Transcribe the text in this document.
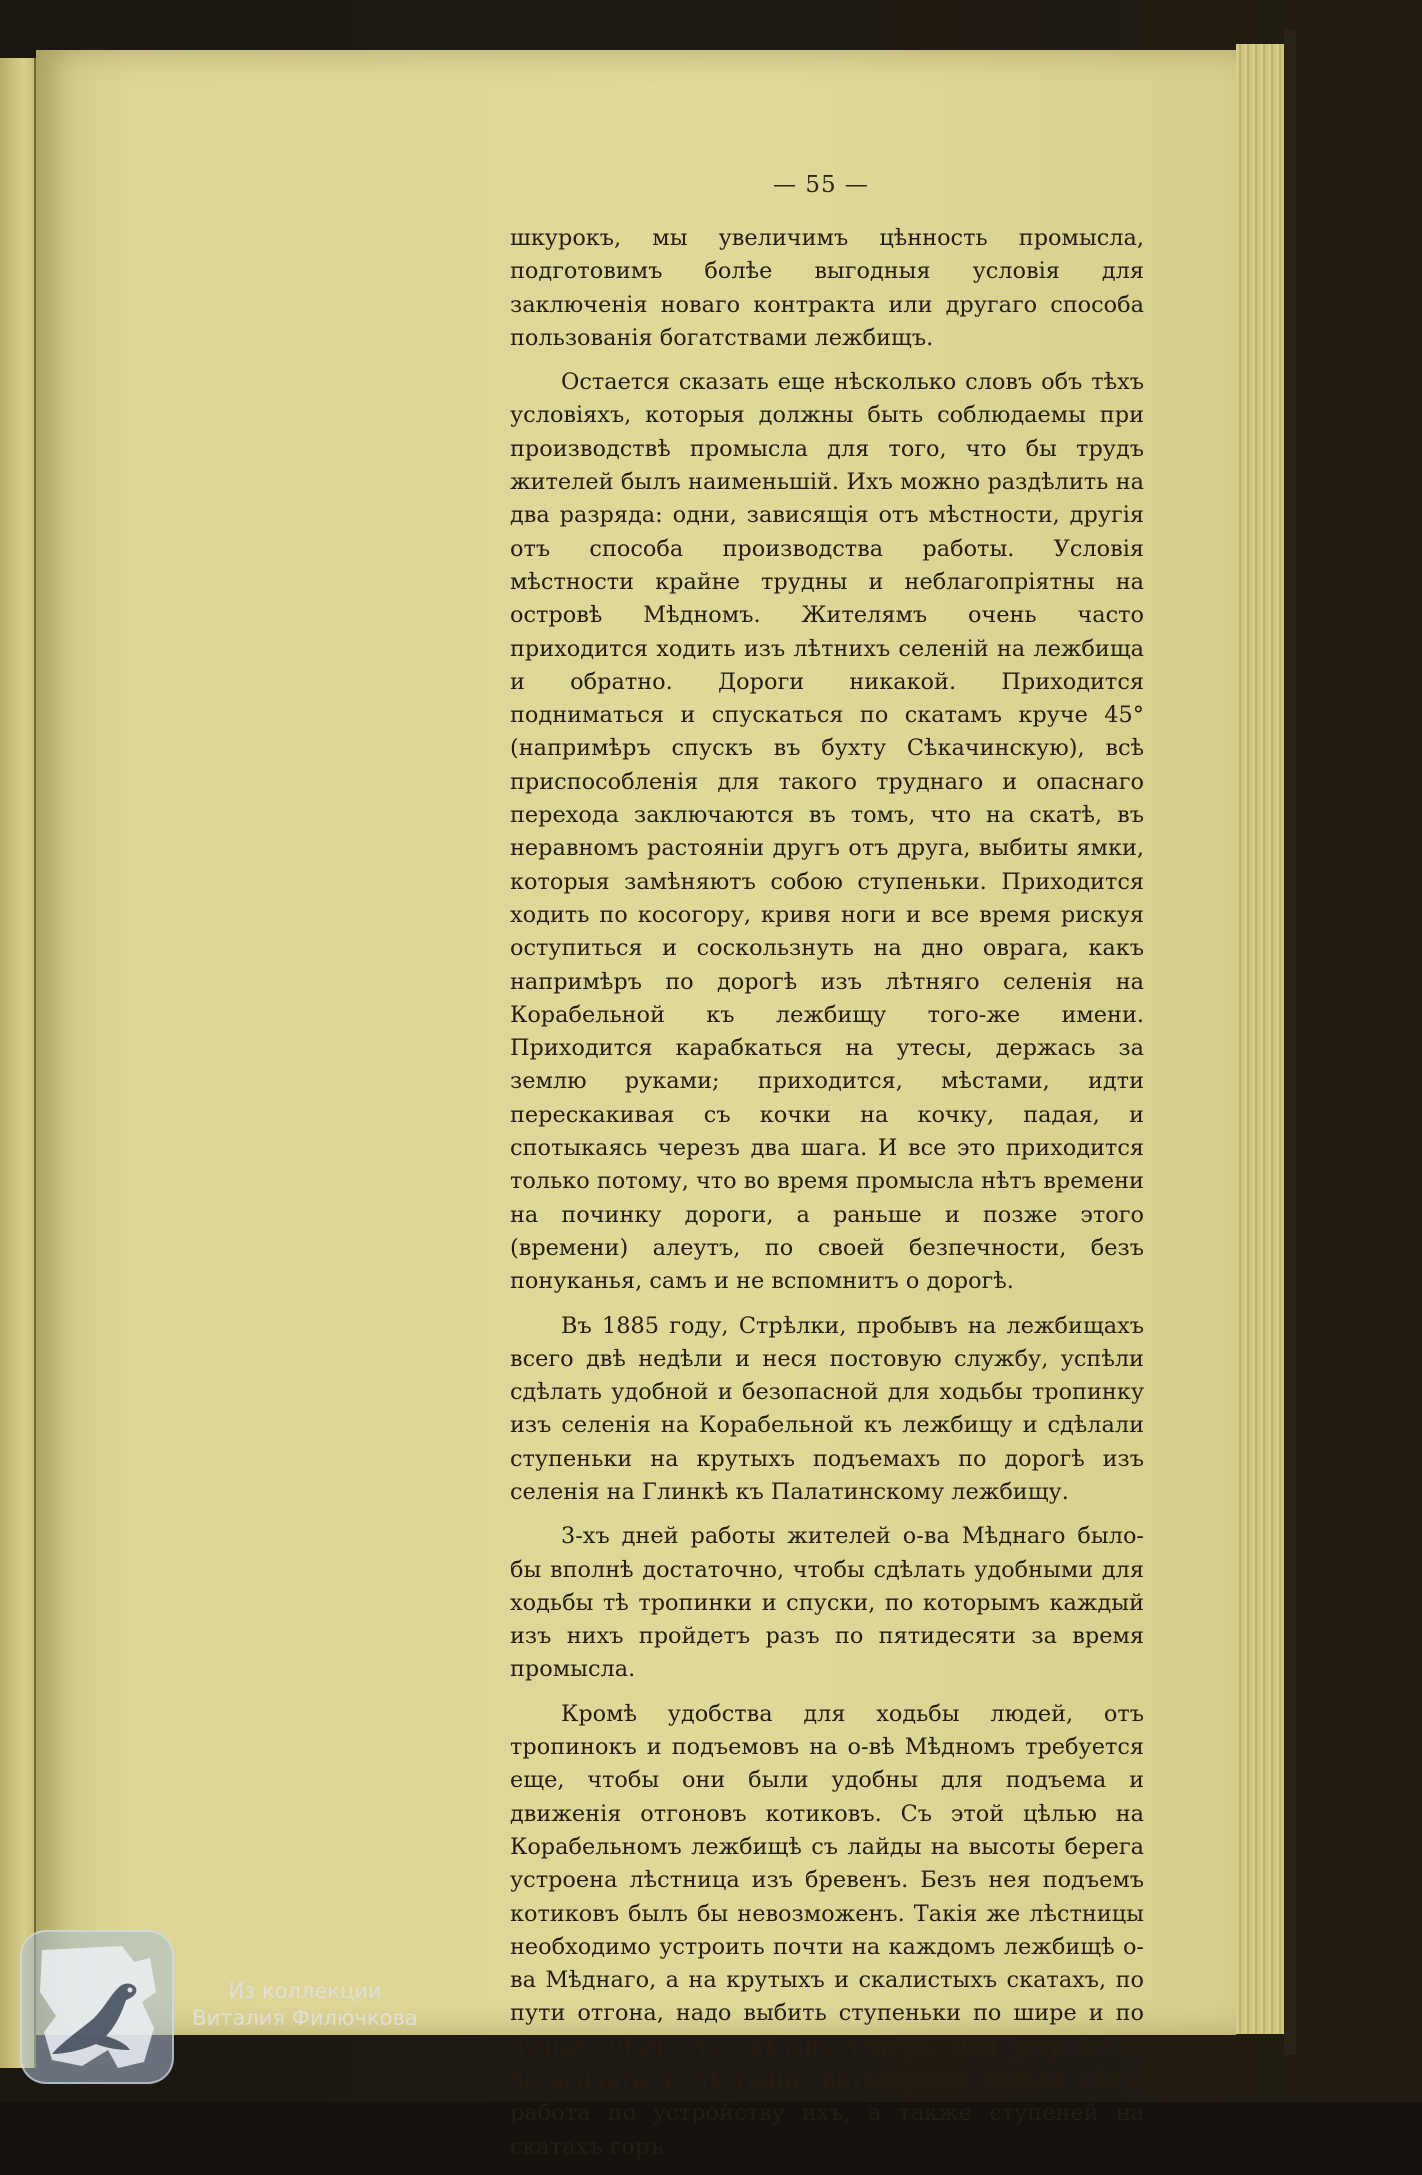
— 55 —

шкурокъ, мы увеличимъ цѣнность промысла, подготовимъ болѣе выгодныя условія для заключенія новаго контракта или другаго способа пользованія богатствами лежбищъ.

Остается сказать еще нѣсколько словъ объ тѣхъ условіяхъ, которыя должны быть соблюдаемы при производствѣ промысла для того, что бы трудъ жителей былъ наименьшій. Ихъ можно раздѣлить на два разряда: одни, зависящія отъ мѣстности, другія отъ способа производства работы. Условія мѣстности крайне трудны и неблагопріятны на островѣ Мѣдномъ. Жителямъ очень часто приходится ходить изъ лѣтнихъ селеній на лежбища и обратно. Дороги никакой. Приходится подниматься и спускаться по скатамъ круче 45° (напримѣръ спускъ въ бухту Сѣкачинскую), всѣ приспособленія для такого труднаго и опаснаго перехода заключаются въ томъ, что на скатѣ, въ неравномъ растояніи другъ отъ друга, выбиты ямки, которыя замѣняютъ собою ступеньки. Приходится ходить по косогору, кривя ноги и все время рискуя оступиться и соскользнуть на дно оврага, какъ напримѣръ по дорогѣ изъ лѣтняго селенія на Корабельной къ лежбищу того-же имени. Приходится карабкаться на утесы, держась за землю руками; приходится, мѣстами, идти перескакивая съ кочки на кочку, падая, и спотыкаясь черезъ два шага. И все это приходится только потому, что во время промысла нѣтъ времени на починку дороги, а раньше и позже этого (времени) алеутъ, по своей безпечности, безъ понуканья, самъ и не вспомнитъ о дорогѣ.

Въ 1885 году, Стрѣлки, пробывъ на лежбищахъ всего двѣ недѣли и неся постовую службу, успѣли сдѣлать удобной и безопасной для ходьбы тропинку изъ селенія на Корабельной къ лежбищу и сдѣлали ступеньки на крутыхъ подъемахъ по дорогѣ изъ селенія на Глинкѣ къ Палатинскому лежбищу.

3-хъ дней работы жителей о-ва Мѣднаго было-бы вполнѣ достаточно, чтобы сдѣлать удобными для ходьбы тѣ тропинки и спуски, по которымъ каждый изъ нихъ пройдетъ разъ по пятидесяти за время промысла.

Кромѣ удобства для ходьбы людей, отъ тропинокъ и подъемовъ на о-вѣ Мѣдномъ требуется еще, чтобы они были удобны для подъема и движенія отгоновъ котиковъ. Съ этой цѣлью на Корабельномъ лежбищѣ съ лайды на высоты берега устроена лѣстница изъ бревенъ. Безъ нея подъемъ котиковъ былъ бы невозможенъ. Такія же лѣстницы необходимо устроить почти на каждомъ лежбищѣ о-ва Мѣднаго, а на крутыхъ и скалистыхъ скатахъ, по пути отгона, надо выбить ступеньки по шире и по лучше, чѣмъ это сдѣлано теперь. Для устройства бревенчатыхъ лѣстницъ потребуется только лѣсъ, работа по устройству ихъ, а также ступеней на скатахъ горъ

Из коллекции
Виталия Филючкова
